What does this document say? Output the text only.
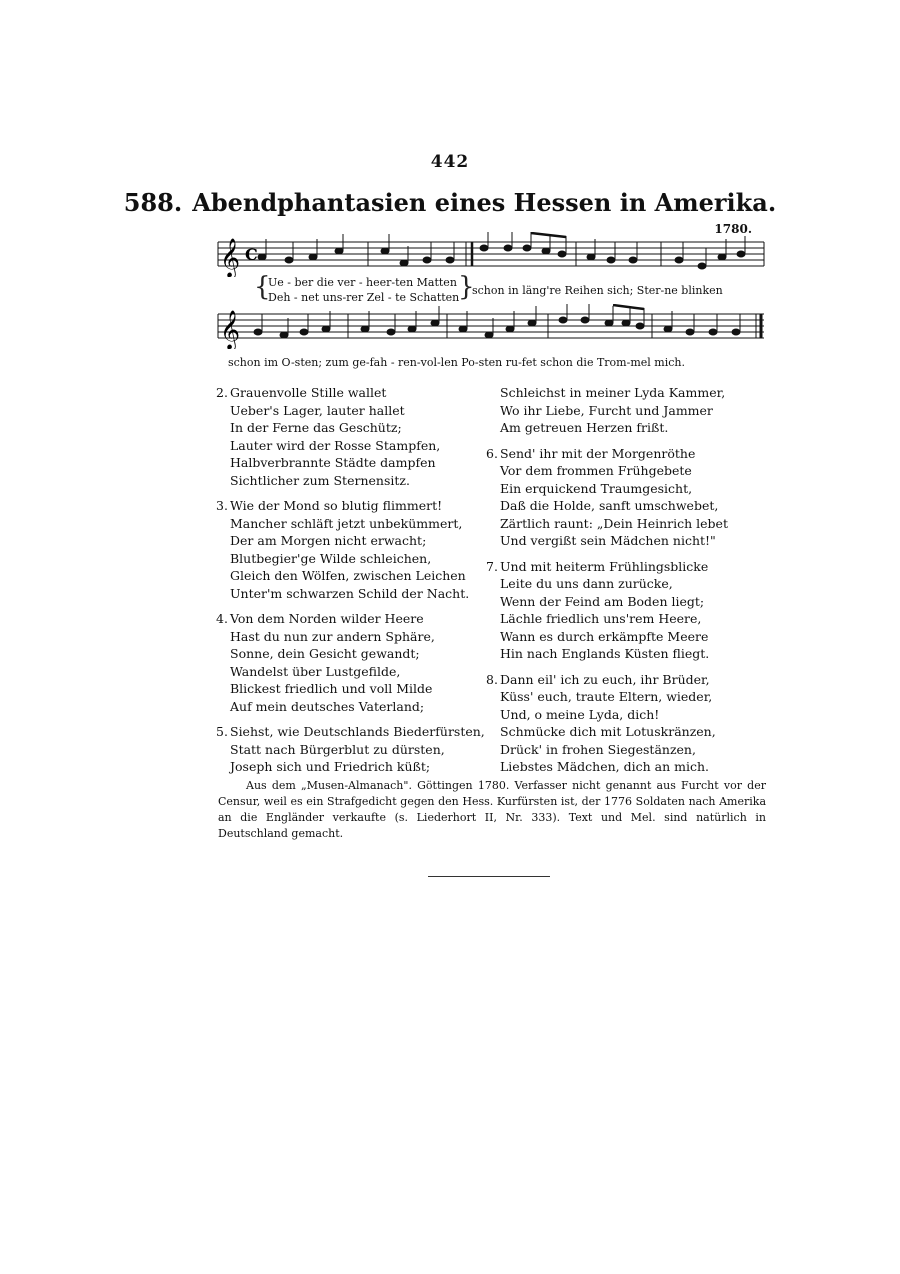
442
588. Abendphantasien eines Hessen in Amerika.
1780.
𝄞 C
{
Ue - ber die ver - heer-ten Matten
Deh - net uns-rer Zel - te Schatten
}
schon in läng're Reihen sich; Ster-ne blinken
𝄞
schon im O-sten; zum ge-fah - ren-vol-len Po-sten ru-fet schon die Trom-mel mich.
2. Grauenvolle Stille wallet
Ueber's Lager, lauter hallet
In der Ferne das Geschütz;
Lauter wird der Rosse Stampfen,
Halbverbrannte Städte dampfen
Sichtlicher zum Sternensitz.
3. Wie der Mond so blutig flimmert!
Mancher schläft jetzt unbekümmert,
Der am Morgen nicht erwacht;
Blutbegier'ge Wilde schleichen,
Gleich den Wölfen, zwischen Leichen
Unter'm schwarzen Schild der Nacht.
4. Von dem Norden wilder Heere
Hast du nun zur andern Sphäre,
Sonne, dein Gesicht gewandt;
Wandelst über Lustgefilde,
Blickest friedlich und voll Milde
Auf mein deutsches Vaterland;
5. Siehst, wie Deutschlands Biederfürsten,
Statt nach Bürgerblut zu dürsten,
Joseph sich und Friedrich küßt;
Schleichst in meiner Lyda Kammer,
Wo ihr Liebe, Furcht und Jammer
Am getreuen Herzen frißt.
6. Send' ihr mit der Morgenröthe
Vor dem frommen Frühgebete
Ein erquickend Traumgesicht,
Daß die Holde, sanft umschwebet,
Zärtlich raunt: „Dein Heinrich lebet
Und vergißt sein Mädchen nicht!"
7. Und mit heiterm Frühlingsblicke
Leite du uns dann zurücke,
Wenn der Feind am Boden liegt;
Lächle friedlich uns'rem Heere,
Wann es durch erkämpfte Meere
Hin nach Englands Küsten fliegt.
8. Dann eil' ich zu euch, ihr Brüder,
Küss' euch, traute Eltern, wieder,
Und, o meine Lyda, dich!
Schmücke dich mit Lotuskränzen,
Drück' in frohen Siegestänzen,
Liebstes Mädchen, dich an mich.
Aus dem „Musen-Almanach". Göttingen 1780. Verfasser nicht genannt aus Furcht vor der Censur, weil es ein Strafgedicht gegen den Hess. Kurfürsten ist, der 1776 Soldaten nach Amerika an die Engländer verkaufte (s. Liederhort II, Nr. 333). Text und Mel. sind natürlich in Deutschland gemacht.
